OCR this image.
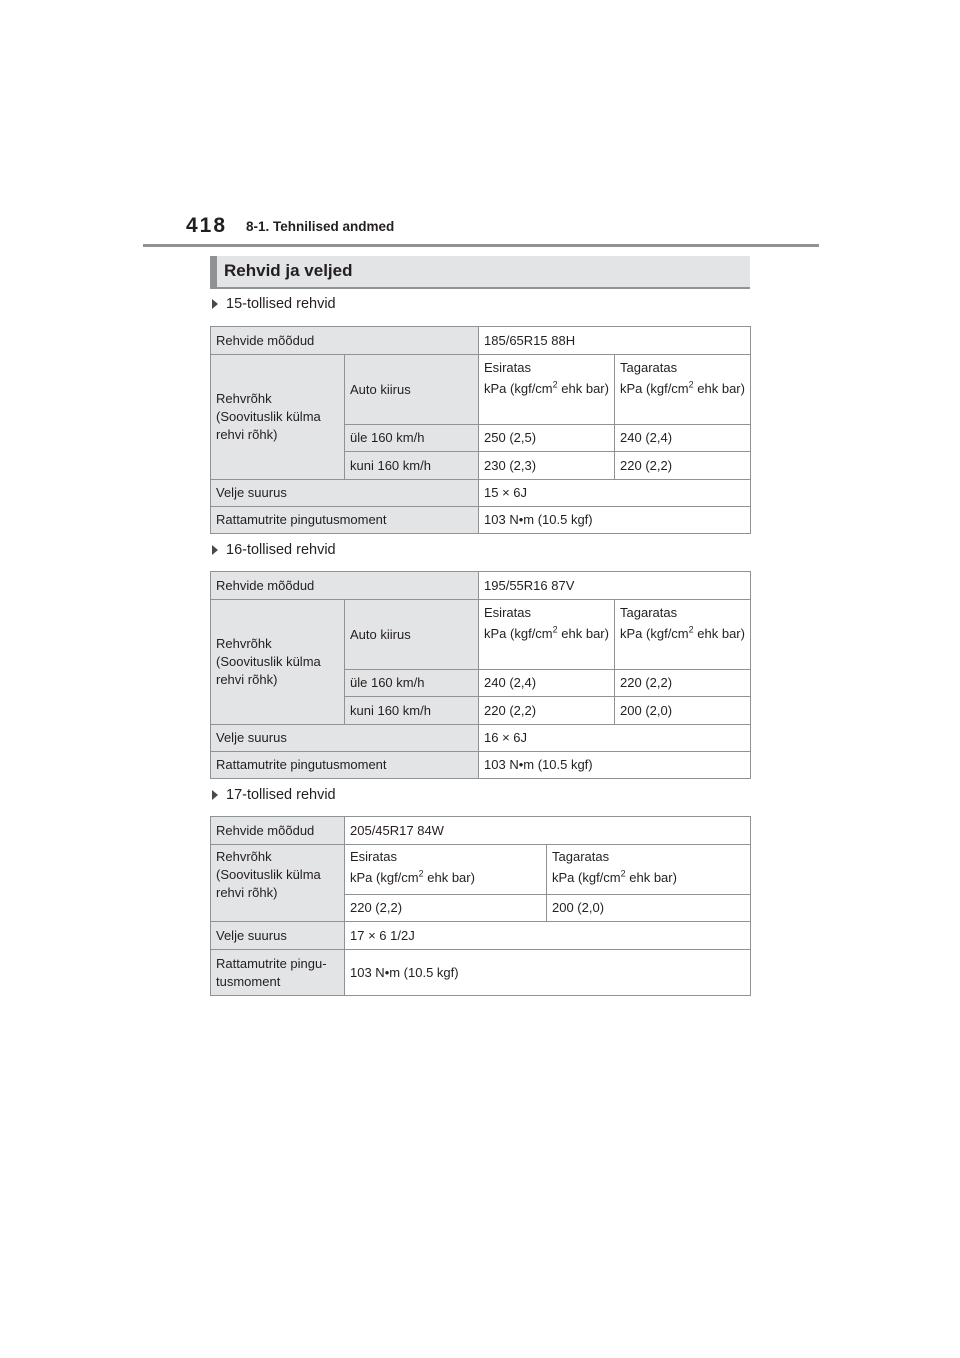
418 8-1. Tehnilised andmed
Rehvid ja veljed
15-tollised rehvid
Rehvide mõõdud		185/65R15 88H	
Rehvrõhk (Soovituslik külma rehvi rõhk)	Auto kiirus	Esiratas
kPa ($kgf/cm^2$ ehk bar)	Tagaratas
kPa ($kgf/cm^2$ ehk bar)
	üle 160 km/h	250 (2,5)	240 (2,4)
	kuni 160 km/h	230 (2,3)	220 (2,2)
Velje suurus		15 × 6J	
Rattamutrite pingutusmoment		103 N•m (10.5 kgf)	
16-tollised rehvid
Rehvide mõõdud		195/55R16 87V	
Rehvrõhk (Soovituslik külma rehvi rõhk)	Auto kiirus	Esiratas
kPa ($kgf/cm^2$ ehk bar)	Tagaratas
kPa ($kgf/cm^2$ ehk bar)
	üle 160 km/h	240 (2,4)	220 (2,2)
	kuni 160 km/h	220 (2,2)	200 (2,0)
Velje suurus		16 × 6J	
Rattamutrite pingutusmoment		103 N•m (10.5 kgf)	
17-tollised rehvid
Rehvide mõõdud	205/45R17 84W	
Rehvrõhk (Soovituslik külma rehvi rõhk)	Esiratas
kPa ($kgf/cm^2$ ehk bar)	Tagaratas
kPa ($kgf/cm^2$ ehk bar)
	220 (2,2)	200 (2,0)
Velje suurus	17 × 6 1/2J	
Rattamutrite pingu- tusmoment	103 N•m (10.5 kgf)	
